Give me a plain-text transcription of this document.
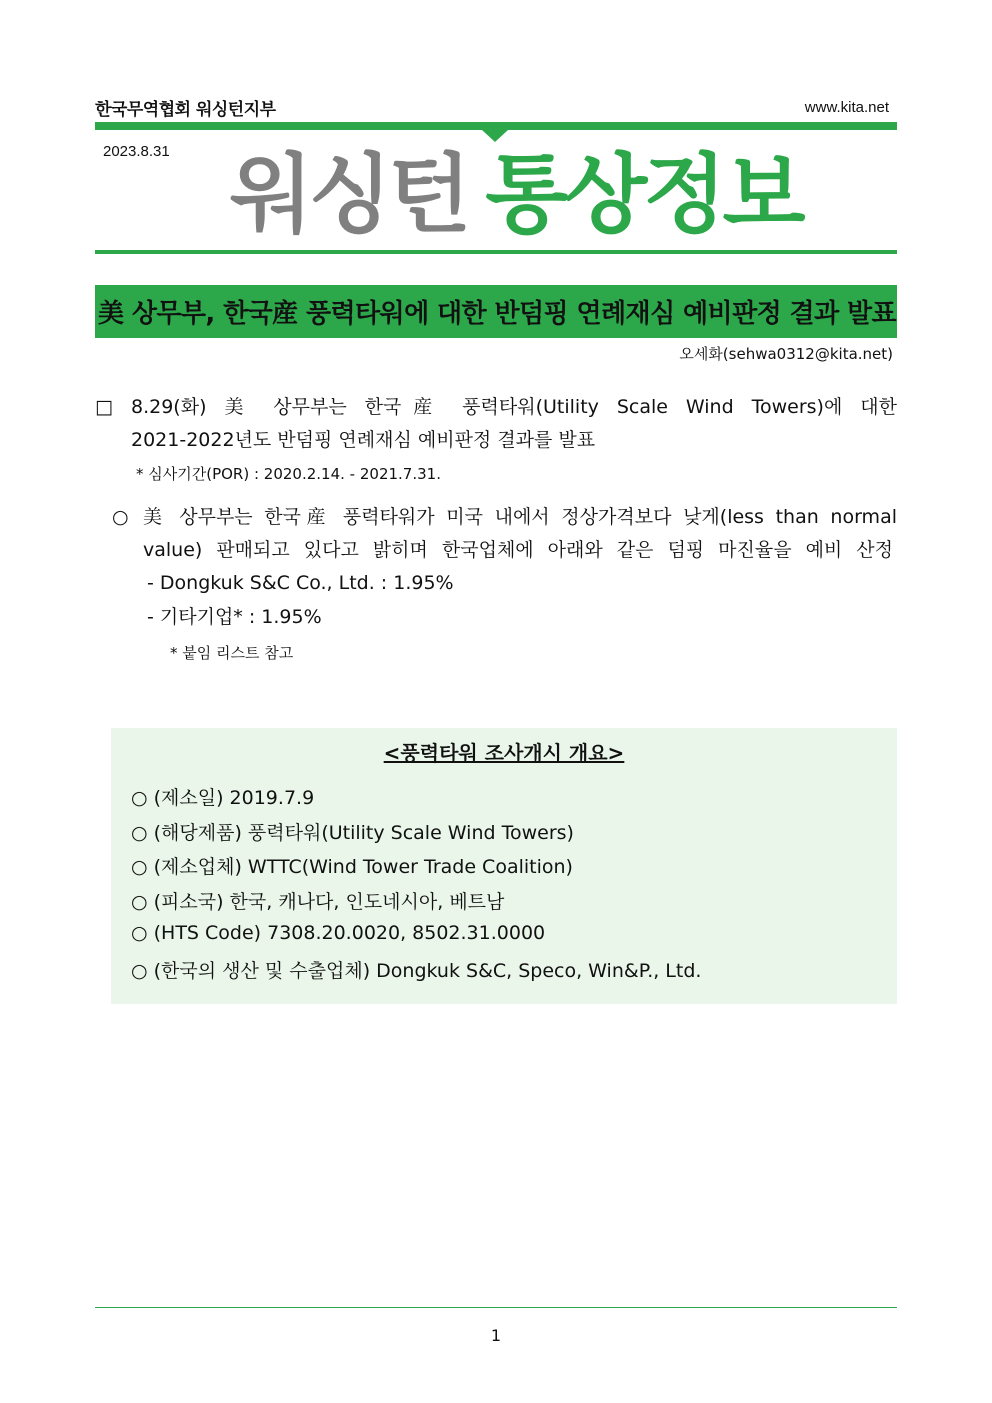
한국무역협회 워싱턴지부	www.kita.net
2023.8.31 워싱턴 통상정보
美 상무부, 한국産 풍력타워에 대한 반덤핑 연례재심 예비판정 결과 발표
오세화(sehwa0312@kita.net)
□ 8.29(화) 美 상무부는 한국産 풍력타워(Utility Scale Wind Towers)에 대한
2021-2022년도 반덤핑 연례재심 예비판정 결과를 발표
* 심사기간(POR) : 2020.2.14. - 2021.7.31.
○ 美 상무부는 한국産 풍력타워가 미국 내에서 정상가격보다 낮게(less than normal
value) 판매되고 있다고 밝히며 한국업체에 아래와 같은 덤핑 마진율을 예비 산정
- Dongkuk S&C Co., Ltd. : 1.95%
- 기타기업* : 1.95%
* 붙임 리스트 참고
<풍력타워 조사개시 개요>
○ (제소일) 2019.7.9
○ (해당제품) 풍력타워(Utility Scale Wind Towers)
○ (제소업체) WTTC(Wind Tower Trade Coalition)
○ (피소국) 한국, 캐나다, 인도네시아, 베트남
○ (HTS Code) 7308.20.0020, 8502.31.0000
○ (한국의 생산 및 수출업체) Dongkuk S&C, Speco, Win&P., Ltd.
1
